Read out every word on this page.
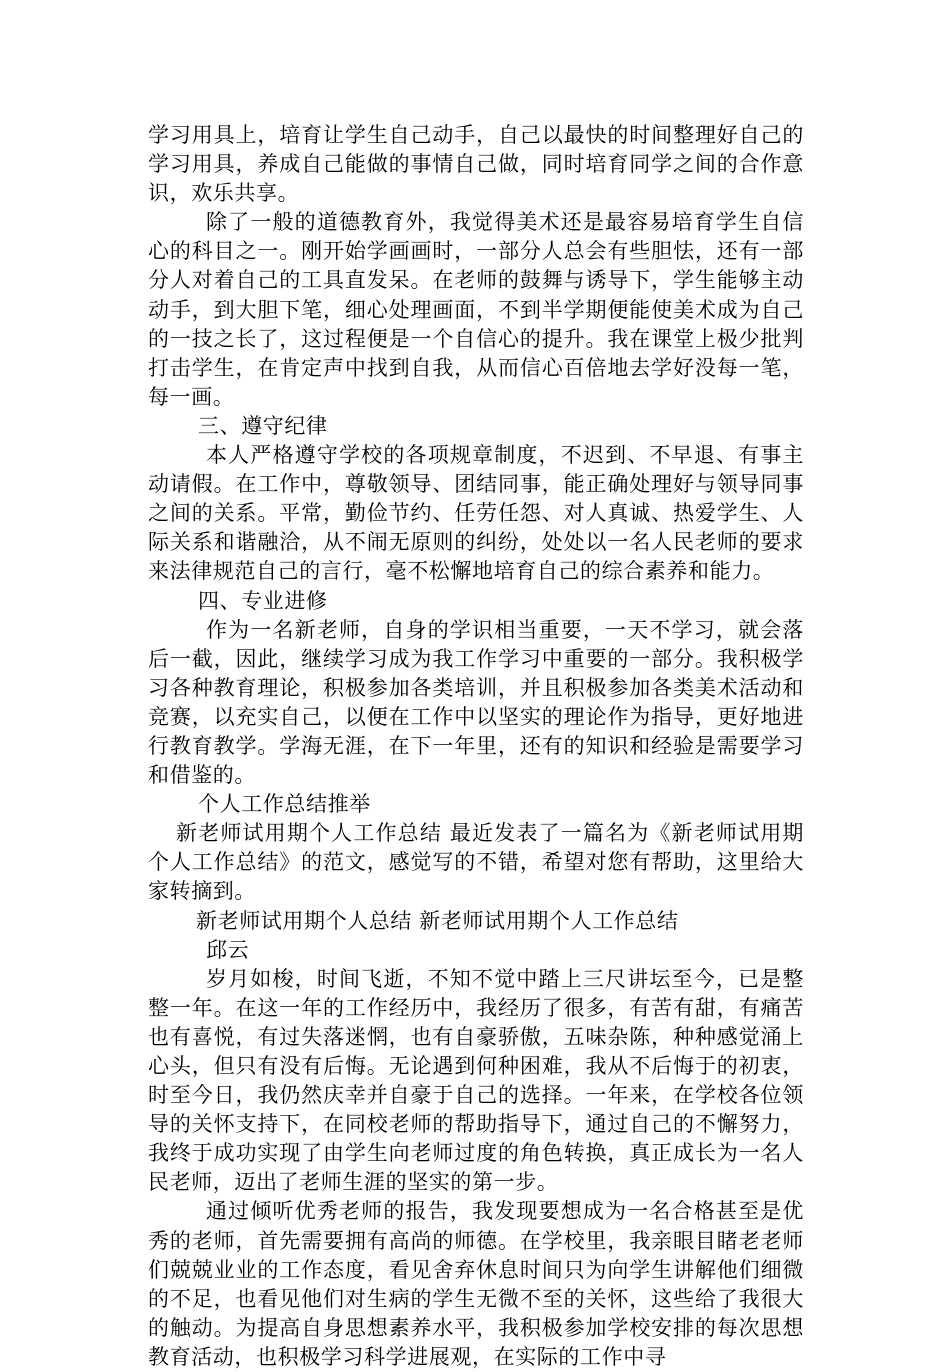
学习用具上，培育让学生自己动手，自己以最快的时间整理好自己的学习用具，养成自己能做的事情自己做，同时培育同学之间的合作意识，欢乐共享。

除了一般的道德教育外，我觉得美术还是最容易培育学生自信心的科目之一。刚开始学画画时，一部分人总会有些胆怯，还有一部分人对着自己的工具直发呆。在老师的鼓舞与诱导下，学生能够主动动手，到大胆下笔，细心处理画面，不到半学期便能使美术成为自己的一技之长了，这过程便是一个自信心的提升。我在课堂上极少批判打击学生，在肯定声中找到自我，从而信心百倍地去学好没每一笔，每一画。

三、遵守纪律

本人严格遵守学校的各项规章制度，不迟到、不早退、有事主动请假。在工作中，尊敬领导、团结同事，能正确处理好与领导同事之间的关系。平常，勤俭节约、任劳任怨、对人真诚、热爱学生、人际关系和谐融洽，从不闹无原则的纠纷，处处以一名人民老师的要求来法律规范自己的言行，毫不松懈地培育自己的综合素养和能力。

四、专业进修

作为一名新老师，自身的学识相当重要，一天不学习，就会落后一截，因此，继续学习成为我工作学习中重要的一部分。我积极学习各种教育理论，积极参加各类培训，并且积极参加各类美术活动和竞赛，以充实自己，以便在工作中以坚实的理论作为指导，更好地进行教育教学。学海无涯，在下一年里，还有的知识和经验是需要学习和借鉴的。

个人工作总结推举

新老师试用期个人工作总结 最近发表了一篇名为《新老师试用期个人工作总结》的范文，感觉写的不错，希望对您有帮助，这里给大家转摘到。

新老师试用期个人总结 新老师试用期个人工作总结

邱云

岁月如梭，时间飞逝，不知不觉中踏上三尺讲坛至今，已是整整一年。在这一年的工作经历中，我经历了很多，有苦有甜，有痛苦也有喜悦，有过失落迷惘，也有自豪骄傲，五味杂陈，种种感觉涌上心头，但只有没有后悔。无论遇到何种困难，我从不后悔于的初衷，时至今日，我仍然庆幸并自豪于自己的选择。一年来，在学校各位领导的关怀支持下，在同校老师的帮助指导下，通过自己的不懈努力，我终于成功实现了由学生向老师过度的角色转换，真正成长为一名人民老师，迈出了老师生涯的坚实的第一步。

通过倾听优秀老师的报告，我发现要想成为一名合格甚至是优秀的老师，首先需要拥有高尚的师德。在学校里，我亲眼目睹老老师们兢兢业业的工作态度，看见舍弃休息时间只为向学生讲解他们细微的不足，也看见他们对生病的学生无微不至的关怀，这些给了我很大的触动。为提高自身思想素养水平，我积极参加学校安排的每次思想教育活动，也积极学习科学进展观，在实际的工作中寻
